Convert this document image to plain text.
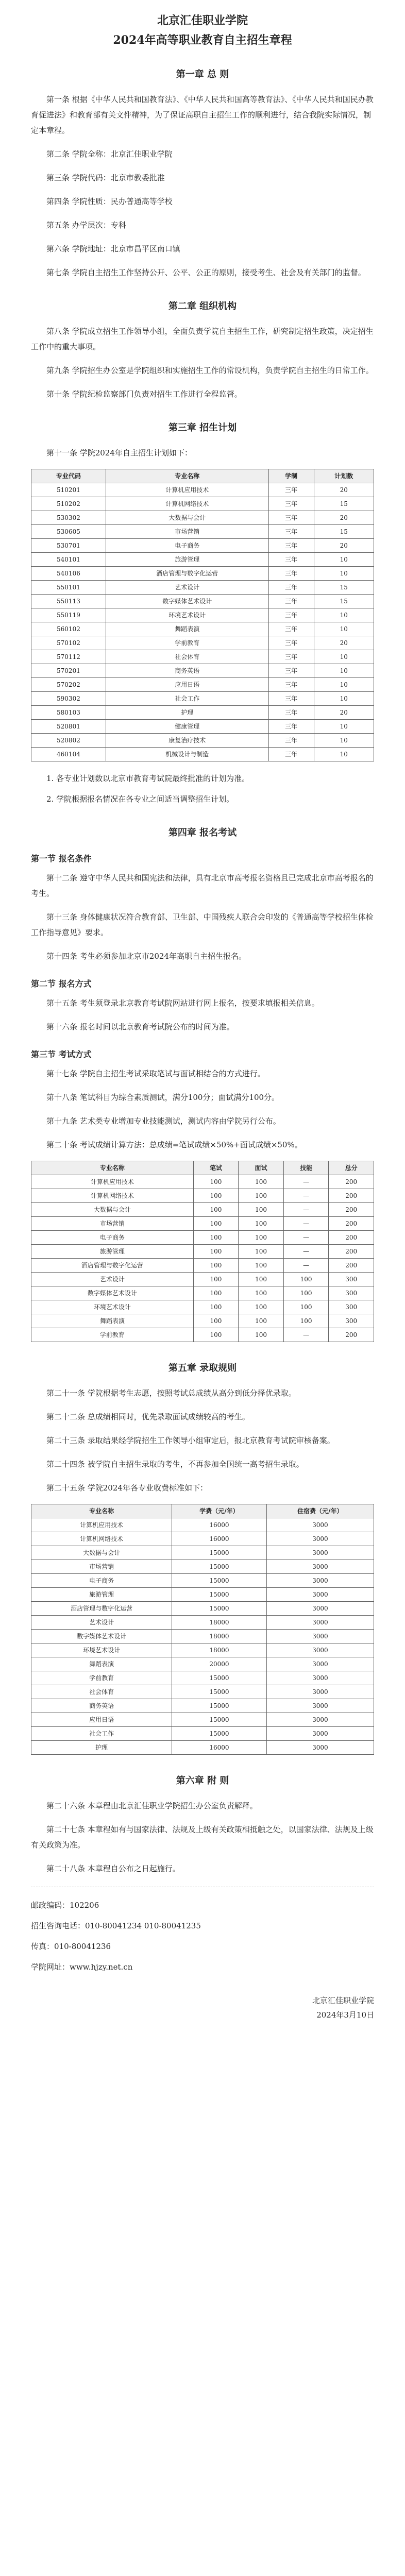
北京汇佳职业学院
2024年高等职业教育自主招生章程
第一章 总 则
第一条 根据《中华人民共和国教育法》、《中华人民共和国高等教育法》、《中华人民共和国民办教育促进法》和教育部有关文件精神，为了保证高职自主招生工作的顺利进行，结合我院实际情况，制定本章程。
第二条 学院全称：北京汇佳职业学院
第三条 学院代码：北京市教委批准
第四条 学院性质：民办普通高等学校
第五条 办学层次：专科
第六条 学院地址：北京市昌平区南口镇
第七条 学院自主招生工作坚持公开、公平、公正的原则，接受考生、社会及有关部门的监督。
第二章 组织机构
第八条 学院成立招生工作领导小组，全面负责学院自主招生工作，研究制定招生政策，决定招生工作中的重大事项。
第九条 学院招生办公室是学院组织和实施招生工作的常设机构，负责学院自主招生的日常工作。
第十条 学院纪检监察部门负责对招生工作进行全程监督。
第三章 招生计划
第十一条 学院2024年自主招生计划如下：
专业代码	专业名称	学制	计划数
510201	计算机应用技术	三年	20
510202	计算机网络技术	三年	15
530302	大数据与会计	三年	20
530605	市场营销	三年	15
530701	电子商务	三年	20
540101	旅游管理	三年	10
540106	酒店管理与数字化运营	三年	10
550101	艺术设计	三年	15
550113	数字媒体艺术设计	三年	15
550119	环境艺术设计	三年	10
560102	舞蹈表演	三年	10
570102	学前教育	三年	20
570112	社会体育	三年	10
570201	商务英语	三年	10
570202	应用日语	三年	10
590302	社会工作	三年	10
580103	护理	三年	20
520801	健康管理	三年	10
520802	康复治疗技术	三年	10
460104	机械设计与制造	三年	10
1. 各专业计划数以北京市教育考试院最终批准的计划为准。
2. 学院根据报名情况在各专业之间适当调整招生计划。
第四章 报名考试
第一节 报名条件
第十二条 遵守中华人民共和国宪法和法律，具有北京市高考报名资格且已完成北京市高考报名的考生。
第十三条 身体健康状况符合教育部、卫生部、中国残疾人联合会印发的《普通高等学校招生体检工作指导意见》要求。
第十四条 考生必须参加北京市2024年高职自主招生报名。
第二节 报名方式
第十五条 考生须登录北京教育考试院网站进行网上报名，按要求填报相关信息。
第十六条 报名时间以北京教育考试院公布的时间为准。
第三节 考试方式
第十七条 学院自主招生考试采取笔试与面试相结合的方式进行。
第十八条 笔试科目为综合素质测试，满分100分；面试满分100分。
第十九条 艺术类专业增加专业技能测试，测试内容由学院另行公布。
第二十条 考试成绩计算方法：总成绩=笔试成绩×50%+面试成绩×50%。
专业名称	笔试	面试	技能	总分
计算机应用技术	100	100	—	200
计算机网络技术	100	100	—	200
大数据与会计	100	100	—	200
市场营销	100	100	—	200
电子商务	100	100	—	200
旅游管理	100	100	—	200
酒店管理与数字化运营	100	100	—	200
艺术设计	100	100	100	300
数字媒体艺术设计	100	100	100	300
环境艺术设计	100	100	100	300
舞蹈表演	100	100	100	300
学前教育	100	100	—	200
第五章 录取规则
第二十一条 学院根据考生志愿，按照考试总成绩从高分到低分择优录取。
第二十二条 总成绩相同时，优先录取面试成绩较高的考生。
第二十三条 录取结果经学院招生工作领导小组审定后，报北京教育考试院审核备案。
第二十四条 被学院自主招生录取的考生，不再参加全国统一高考招生录取。
第二十五条 学院2024年各专业收费标准如下：
专业名称	学费（元/年）	住宿费（元/年）
计算机应用技术	16000	3000
计算机网络技术	16000	3000
大数据与会计	15000	3000
市场营销	15000	3000
电子商务	15000	3000
旅游管理	15000	3000
酒店管理与数字化运营	15000	3000
艺术设计	18000	3000
数字媒体艺术设计	18000	3000
环境艺术设计	18000	3000
舞蹈表演	20000	3000
学前教育	15000	3000
社会体育	15000	3000
商务英语	15000	3000
应用日语	15000	3000
社会工作	15000	3000
护理	16000	3000
第六章 附 则
第二十六条 本章程由北京汇佳职业学院招生办公室负责解释。
第二十七条 本章程如有与国家法律、法规及上级有关政策相抵触之处，以国家法律、法规及上级有关政策为准。
第二十八条 本章程自公布之日起施行。
邮政编码：102206
招生咨询电话：010-80041234 010-80041235
传真：010-80041236
学院网址：www.hjzy.net.cn
北京汇佳职业学院
2024年3月10日
